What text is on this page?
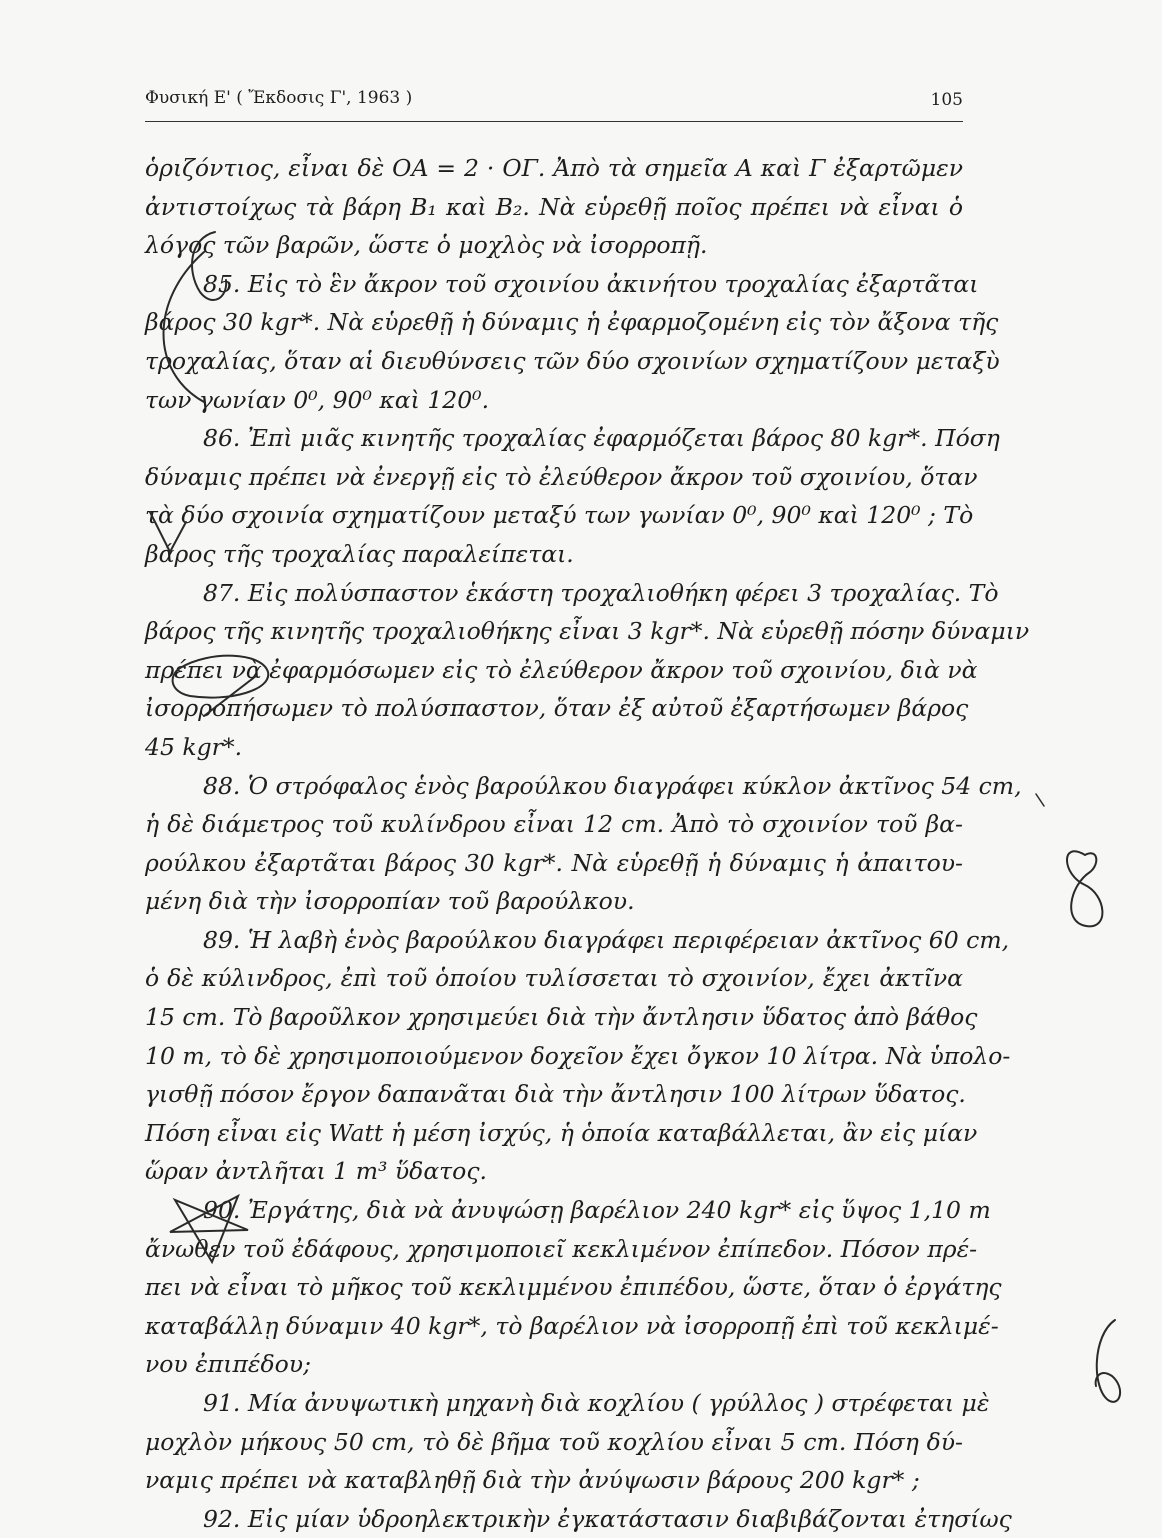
Φυσική Ε' ( Ἔκδοσις Γ', 1963 )	105
ὁριζόντιος, εἶναι δὲ ΟΑ = 2 · ΟΓ. Ἀπὸ τὰ σημεῖα Α καὶ Γ ἐξαρτῶμεν
ἀντιστοίχως τὰ βάρη Β₁ καὶ Β₂. Νὰ εὑρεθῇ ποῖος πρέπει νὰ εἶναι ὁ
λόγος τῶν βαρῶν, ὥστε ὁ μοχλὸς νὰ ἰσορροπῇ.
85. Εἰς τὸ ἓν ἄκρον τοῦ σχοινίου ἀκινήτου τροχαλίας ἐξαρτᾶται
βάρος 30 kgr*. Νὰ εὑρεθῇ ἡ δύναμις ἡ ἐφαρμοζομένη εἰς τὸν ἄξονα τῆς
τροχαλίας, ὅταν αἱ διευθύνσεις τῶν δύο σχοινίων σχηματίζουν μεταξὺ
των γωνίαν 0⁰, 90⁰ καὶ 120⁰.
86. Ἐπὶ μιᾶς κινητῆς τροχαλίας ἐφαρμόζεται βάρος 80 kgr*. Πόση
δύναμις πρέπει νὰ ἐνεργῇ εἰς τὸ ἐλεύθερον ἄκρον τοῦ σχοινίου, ὅταν
τὰ δύο σχοινία σχηματίζουν μεταξύ των γωνίαν 0⁰, 90⁰ καὶ 120⁰ ; Τὸ
βάρος τῆς τροχαλίας παραλείπεται.
87. Εἰς πολύσπαστον ἑκάστη τροχαλιοθήκη φέρει 3 τροχαλίας. Τὸ
βάρος τῆς κινητῆς τροχαλιοθήκης εἶναι 3 kgr*. Νὰ εὑρεθῇ πόσην δύναμιν
πρέπει νὰ ἐφαρμόσωμεν εἰς τὸ ἐλεύθερον ἄκρον τοῦ σχοινίου, διὰ νὰ
ἰσορροπήσωμεν τὸ πολύσπαστον, ὅταν ἐξ αὐτοῦ ἐξαρτήσωμεν βάρος
45 kgr*.
88. Ὁ στρόφαλος ἑνὸς βαρούλκου διαγράφει κύκλον ἀκτῖνος 54 cm,
ἡ δὲ διάμετρος τοῦ κυλίνδρου εἶναι 12 cm. Ἀπὸ τὸ σχοινίον τοῦ βα-
ρούλκου ἐξαρτᾶται βάρος 30 kgr*. Νὰ εὑρεθῇ ἡ δύναμις ἡ ἀπαιτου-
μένη διὰ τὴν ἰσορροπίαν τοῦ βαρούλκου.
89. Ἡ λαβὴ ἑνὸς βαρούλκου διαγράφει περιφέρειαν ἀκτῖνος 60 cm,
ὁ δὲ κύλινδρος, ἐπὶ τοῦ ὁποίου τυλίσσεται τὸ σχοινίον, ἔχει ἀκτῖνα
15 cm. Τὸ βαροῦλκον χρησιμεύει διὰ τὴν ἄντλησιν ὕδατος ἀπὸ βάθος
10 m, τὸ δὲ χρησιμοποιούμενον δοχεῖον ἔχει ὄγκον 10 λίτρα. Νὰ ὑπολο-
γισθῇ πόσον ἔργον δαπανᾶται διὰ τὴν ἄντλησιν 100 λίτρων ὕδατος.
Πόση εἶναι εἰς Watt ἡ μέση ἰσχύς, ἡ ὁποία καταβάλλεται, ἂν εἰς μίαν
ὥραν ἀντλῆται 1 m³ ὕδατος.
90. Ἐργάτης, διὰ νὰ ἀνυψώσῃ βαρέλιον 240 kgr* εἰς ὕψος 1,10 m
ἄνωθεν τοῦ ἐδάφους, χρησιμοποιεῖ κεκλιμένον ἐπίπεδον. Πόσον πρέ-
πει νὰ εἶναι τὸ μῆκος τοῦ κεκλιμμένου ἐπιπέδου, ὥστε, ὅταν ὁ ἐργάτης
καταβάλλῃ δύναμιν 40 kgr*, τὸ βαρέλιον νὰ ἰσορροπῇ ἐπὶ τοῦ κεκλιμέ-
νου ἐπιπέδου;
91. Μία ἀνυψωτικὴ μηχανὴ διὰ κοχλίου ( γρύλλος ) στρέφεται μὲ
μοχλὸν μήκους 50 cm, τὸ δὲ βῆμα τοῦ κοχλίου εἶναι 5 cm. Πόση δύ-
ναμις πρέπει νὰ καταβληθῇ διὰ τὴν ἀνύψωσιν βάρους 200 kgr* ;
92. Εἰς μίαν ὑδροηλεκτρικὴν ἐγκατάστασιν διαβιβάζονται ἐτησίως
